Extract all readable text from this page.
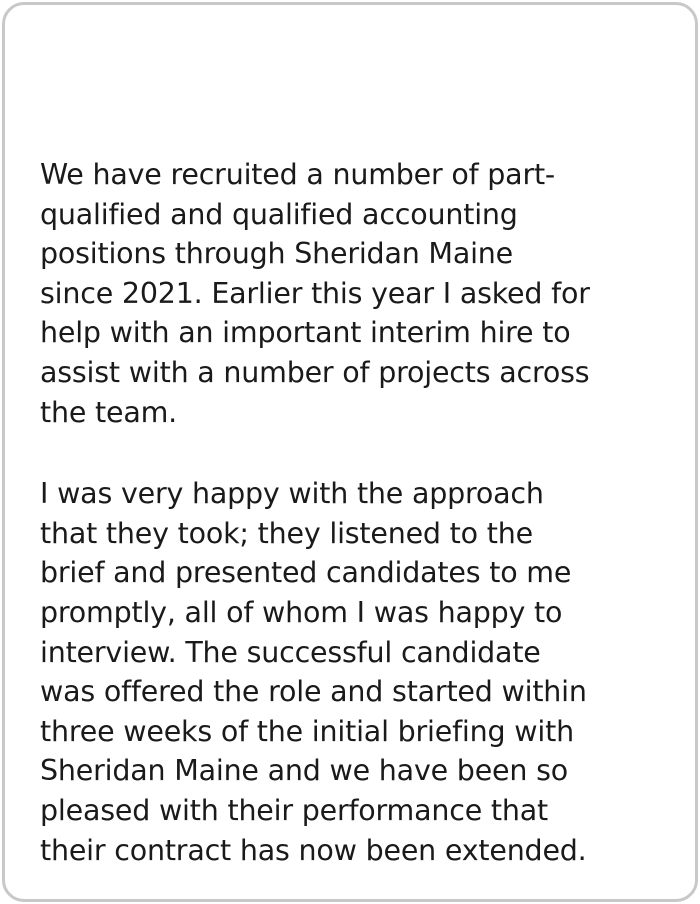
We have recruited a number of part-
qualified and qualified accounting
positions through Sheridan Maine
since 2021. Earlier this year I asked for
help with an important interim hire to
assist with a number of projects across
the team.
I was very happy with the approach
that they took; they listened to the
brief and presented candidates to me
promptly, all of whom I was happy to
interview. The successful candidate
was offered the role and started within
three weeks of the initial briefing with
Sheridan Maine and we have been so
pleased with their performance that
their contract has now been extended.
